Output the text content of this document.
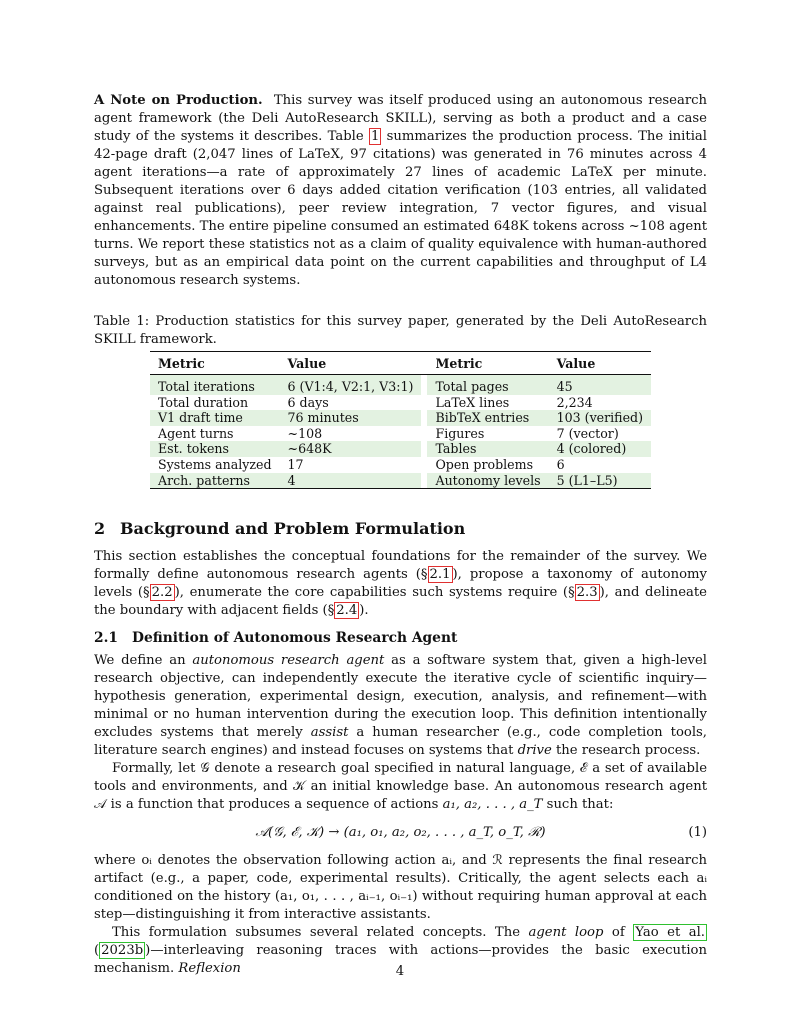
A Note on Production. This survey was itself produced using an autonomous research agent framework (the Deli AutoResearch SKILL), serving as both a product and a case study of the systems it describes. Table 1 summarizes the production process. The initial 42-page draft (2,047 lines of LaTeX, 97 citations) was generated in 76 minutes across 4 agent iterations—a rate of approximately 27 lines of academic LaTeX per minute. Subsequent iterations over 6 days added citation verification (103 entries, all validated against real publications), peer review integration, 7 vector figures, and visual enhancements. The entire pipeline consumed an estimated 648K tokens across ~108 agent turns. We report these statistics not as a claim of quality equivalence with human-authored surveys, but as an empirical data point on the current capabilities and throughput of L4 autonomous research systems.

Table 1: Production statistics for this survey paper, generated by the Deli AutoResearch SKILL framework.

Metric	Value		Metric	Value
Total iterations	6 (V1:4, V2:1, V3:1)		Total pages	45
Total duration	6 days		LaTeX lines	2,234
V1 draft time	76 minutes		BibTeX entries	103 (verified)
Agent turns	~108		Figures	7 (vector)
Est. tokens	~648K		Tables	4 (colored)
Systems analyzed	17		Open problems	6
Arch. patterns	4		Autonomy levels	5 (L1–L5)
2 Background and Problem Formulation

This section establishes the conceptual foundations for the remainder of the survey. We formally define autonomous research agents (§ 2.1 ), propose a taxonomy of autonomy levels (§ 2.2 ), enumerate the core capabilities such systems require (§ 2.3 ), and delineate the boundary with adjacent fields (§ 2.4 ).

2.1 Definition of Autonomous Research Agent

We define an autonomous research agent as a software system that, given a high-level research objective, can independently execute the iterative cycle of scientific inquiry—hypothesis generation, experimental design, execution, analysis, and refinement—with minimal or no human intervention during the execution loop. This definition intentionally excludes systems that merely assist a human researcher (e.g., code completion tools, literature search engines) and instead focuses on systems that drive the research process.

Formally, let 𝒢 denote a research goal specified in natural language, ℰ a set of available tools and environments, and 𝒦 an initial knowledge base. An autonomous research agent 𝒜 is a function that produces a sequence of actions a₁, a₂, . . . , a_T such that:

𝒜(𝒢, ℰ, 𝒦) → (a₁, o₁, a₂, o₂, . . . , a_T, o_T, ℛ)	(1)

where oᵢ denotes the observation following action aᵢ, and ℛ represents the final research artifact (e.g., a paper, code, experimental results). Critically, the agent selects each aᵢ conditioned on the history (a₁, o₁, . . . , aᵢ₋₁, oᵢ₋₁) without requiring human approval at each step—distinguishing it from interactive assistants.

This formulation subsumes several related concepts. The agent loop of Yao et al. ( 2023b )—interleaving reasoning traces with actions—provides the basic execution mechanism. Reflexion	4
